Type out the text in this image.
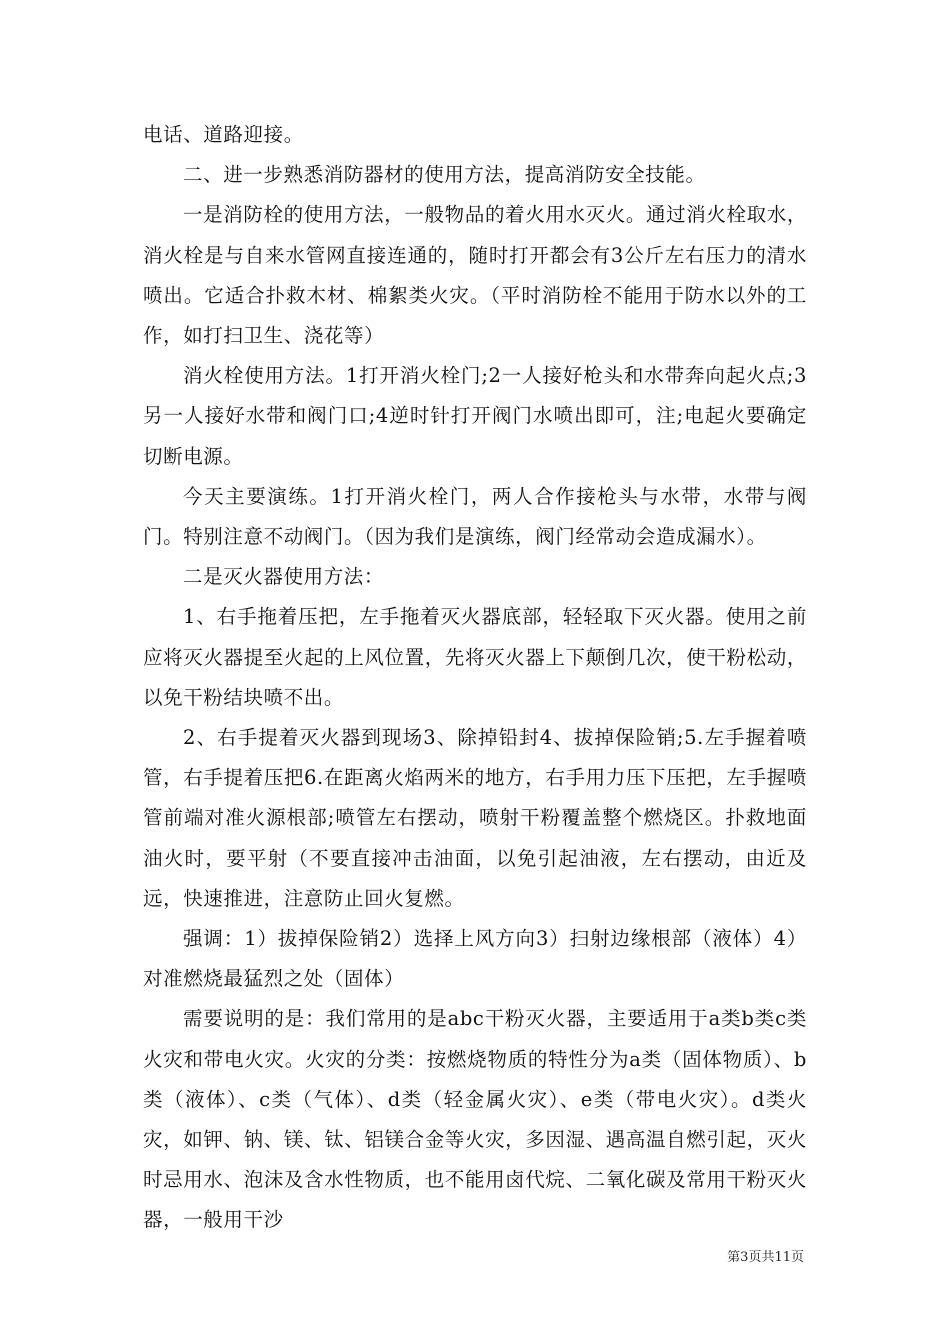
电话、道路迎接。

二、进一步熟悉消防器材的使用方法，提高消防安全技能。

一是消防栓的使用方法，一般物品的着火用水灭火。通过消火栓取水，消火栓是与自来水管网直接连通的，随时打开都会有3公斤左右压力的清水喷出。它适合扑救木材、棉絮类火灾。（平时消防栓不能用于防水以外的工作，如打扫卫生、浇花等）

消火栓使用方法。1打开消火栓门;2一人接好枪头和水带奔向起火点;3另一人接好水带和阀门口;4逆时针打开阀门水喷出即可，注;电起火要确定切断电源。

今天主要演练。1打开消火栓门，两人合作接枪头与水带，水带与阀门。特别注意不动阀门。（因为我们是演练，阀门经常动会造成漏水）。

二是灭火器使用方法：

1、右手拖着压把，左手拖着灭火器底部，轻轻取下灭火器。使用之前应将灭火器提至火起的上风位置，先将灭火器上下颠倒几次，使干粉松动，以免干粉结块喷不出。

2、右手提着灭火器到现场3、除掉铅封4、拔掉保险销;5.左手握着喷管，右手提着压把6.在距离火焰两米的地方，右手用力压下压把，左手握喷管前端对准火源根部;喷管左右摆动，喷射干粉覆盖整个燃烧区。扑救地面油火时，要平射（不要直接冲击油面，以免引起油液，左右摆动，由近及远，快速推进，注意防止回火复燃。

强调：1）拔掉保险销2）选择上风方向3）扫射边缘根部（液体）4）对准燃烧最猛烈之处（固体）

需要说明的是：我们常用的是abc干粉灭火器，主要适用于a类b类c类火灾和带电火灾。火灾的分类：按燃烧物质的特性分为a类（固体物质）、b类（液体）、c类（气体）、d类（轻金属火灾）、e类（带电火灾）。d类火灾，如钾、钠、镁、钛、铝镁合金等火灾，多因湿、遇高温自燃引起，灭火时忌用水、泡沫及含水性物质，也不能用卤代烷、二氧化碳及常用干粉灭火器，一般用干沙

第3页共11页
